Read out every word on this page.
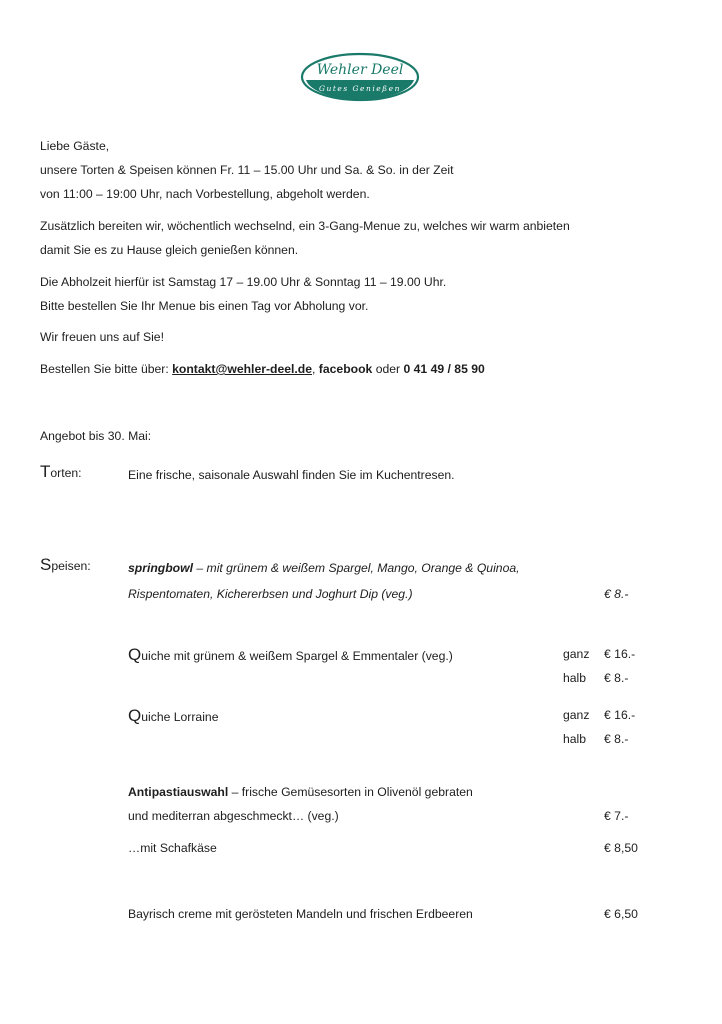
Wehler Deel
Gutes Genießen
Liebe Gäste,
unsere Torten & Speisen können Fr. 11 – 15.00 Uhr und Sa. & So. in der Zeit
von 11:00 – 19:00 Uhr, nach Vorbestellung, abgeholt werden.
Zusätzlich bereiten wir, wöchentlich wechselnd, ein 3-Gang-Menue zu, welches wir warm anbieten
damit Sie es zu Hause gleich genießen können.
Die Abholzeit hierfür ist Samstag 17 – 19.00 Uhr & Sonntag 11 – 19.00 Uhr.
Bitte bestellen Sie Ihr Menue bis einen Tag vor Abholung vor.
Wir freuen uns auf Sie!
Bestellen Sie bitte über: kontakt@wehler-deel.de, facebook oder 0 41 49 / 85 90
Angebot bis 30. Mai:
Torten:	Eine frische, saisonale Auswahl finden Sie im Kuchentresen.
Speisen:	springbowl – mit grünem & weißem Spargel, Mango, Orange & Quinoa,
Rispentomaten, Kichererbsen und Joghurt Dip (veg.)	€ 8.-
Quiche mit grünem & weißem Spargel & Emmentaler (veg.)	ganz € 16.-
halb € 8.-
Quiche Lorraine	ganz € 16.-
halb € 8.-
Antipastiauswahl – frische Gemüsesorten in Olivenöl gebraten
und mediterran abgeschmeckt… (veg.)	€ 7.-
…mit Schafkäse	€ 8,50
Bayrisch creme mit gerösteten Mandeln und frischen Erdbeeren	€ 6,50
